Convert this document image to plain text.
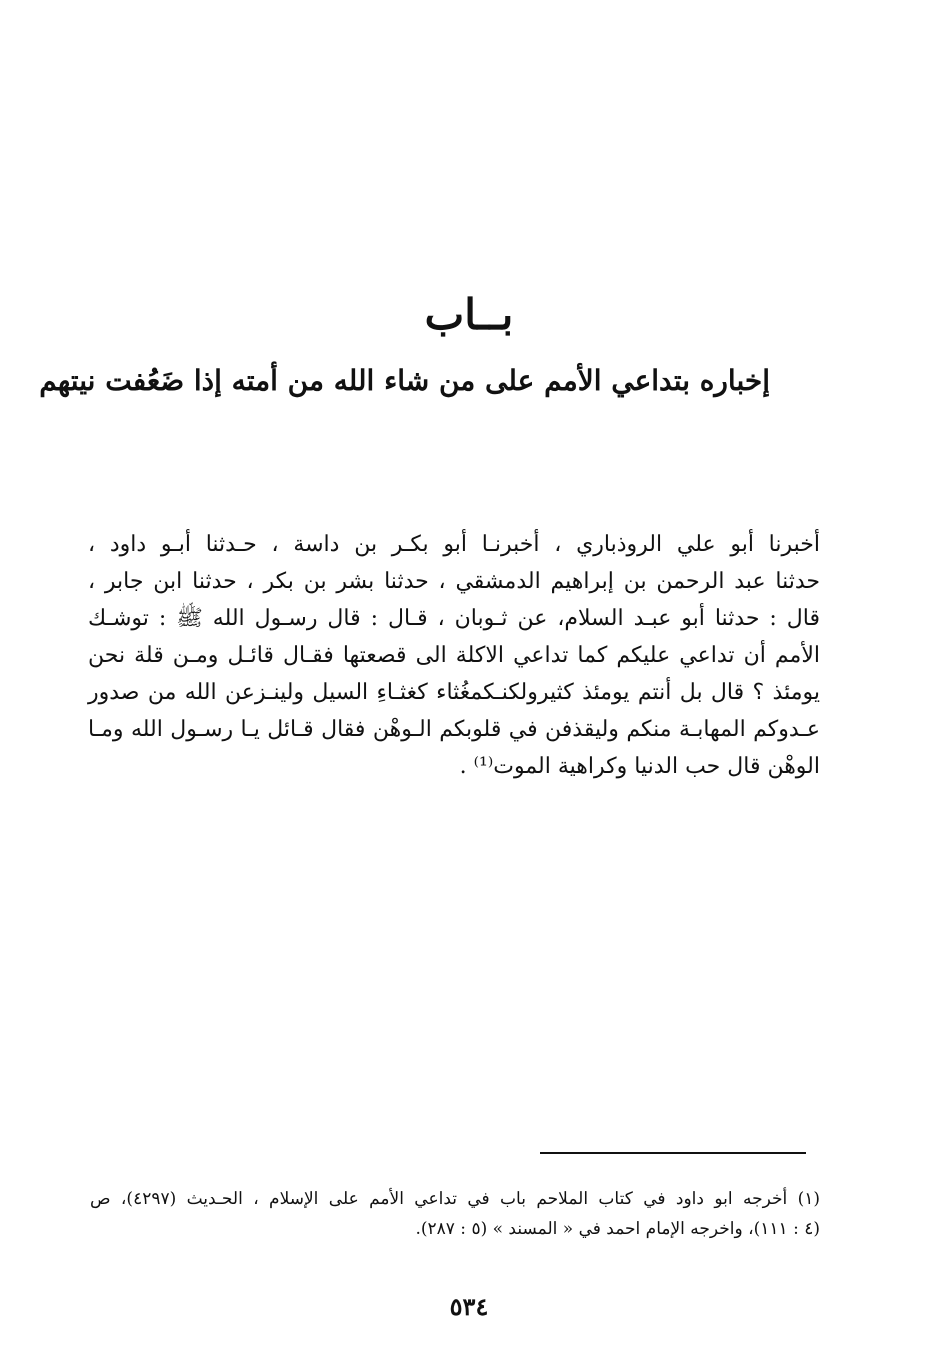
بــاب
إخباره بتداعي الأمم على من شاء الله من أمته إذا ضَعُفت نيتهم

أخبرنا أبو علي الروذباري ، أخبرنـا أبو بكـر بن داسة ، حـدثنا أبـو داود ،
حدثنا عبد الرحمن بن إبراهيم الدمشقي ، حدثنا بشر بن بكر ، حدثنا ابن جابر ،
قال : حدثنا أبو عبـد السلام، عن ثـوبان ، قـال : قال رسـول الله ﷺ : توشـك
الأمم أن تداعي عليكم كما تداعي الاكلة الى قصعتها فقـال قائـل ومـن قلة نحن
يومئذ ؟ قال بل أنتم يومئذ كثيرولكنـكمغُثاء كغثـاءِ السيل ولينـزعن الله من صدور
عـدوكم المهابـة منكم وليقذفن في قلوبكم الـوهْن فقال قـائل يـا رسـول الله ومـا
الوهْن قال حب الدنيا وكراهية الموت⁽¹⁾ .

(١) أخرجه ابو داود في كتاب الملاحم باب في تداعي الأمم على الإسلام ، الحـديث (٤٢٩٧)، ص
(٤ : ١١١)، واخرجه الإمام احمد في « المسند » (٥ : ٢٨٧).

٥٣٤
